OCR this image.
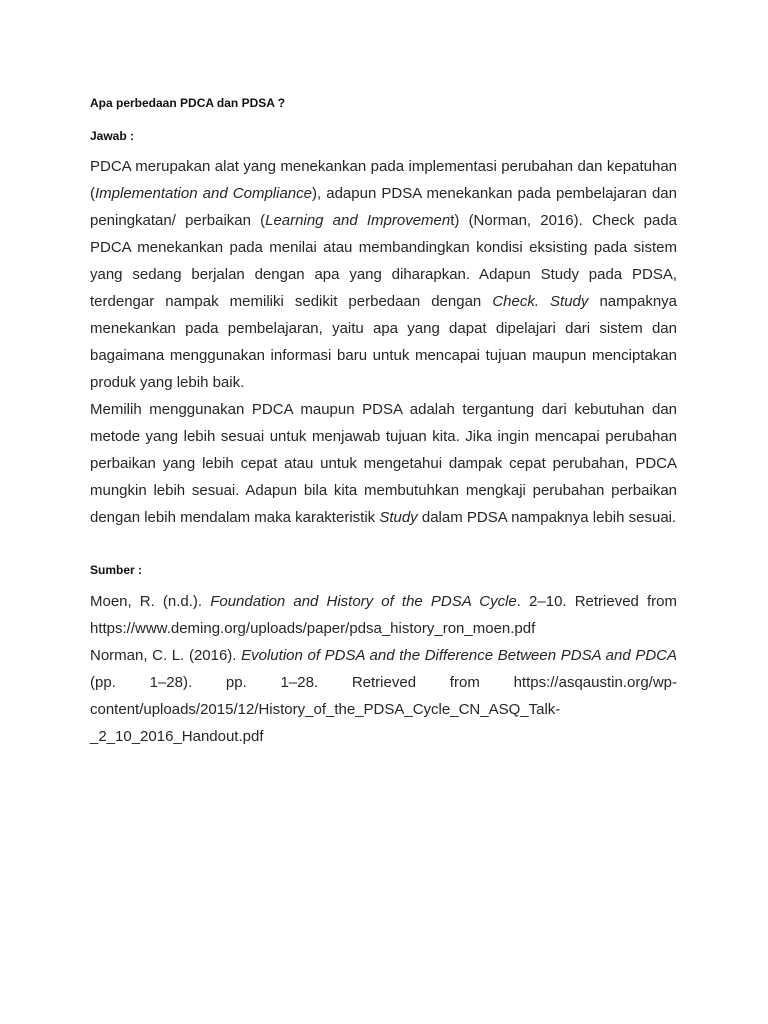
Apa perbedaan PDCA dan PDSA ?
Jawab :

PDCA merupakan alat yang menekankan pada implementasi perubahan dan kepatuhan (Implementation and Compliance), adapun PDSA menekankan pada pembelajaran dan peningkatan/ perbaikan (Learning and Improvement) (Norman, 2016). Check pada PDCA menekankan pada menilai atau membandingkan kondisi eksisting pada sistem yang sedang berjalan dengan apa yang diharapkan. Adapun Study pada PDSA, terdengar nampak memiliki sedikit perbedaan dengan Check. Study nampaknya menekankan pada pembelajaran, yaitu apa yang dapat dipelajari dari sistem dan bagaimana menggunakan informasi baru untuk mencapai tujuan maupun menciptakan produk yang lebih baik.

Memilih menggunakan PDCA maupun PDSA adalah tergantung dari kebutuhan dan metode yang lebih sesuai untuk menjawab tujuan kita. Jika ingin mencapai perubahan perbaikan yang lebih cepat atau untuk mengetahui dampak cepat perubahan, PDCA mungkin lebih sesuai. Adapun bila kita membutuhkan mengkaji perubahan perbaikan dengan lebih mendalam maka karakteristik Study dalam PDSA nampaknya lebih sesuai.

Sumber :

Moen, R. (n.d.). Foundation and History of the PDSA Cycle. 2–10. Retrieved from https://www.deming.org/uploads/paper/pdsa_history_ron_moen.pdf

Norman, C. L. (2016). Evolution of PDSA and the Difference Between PDSA and PDCA (pp. 1–28). pp. 1–28. Retrieved from https://asqaustin.org/wp-content/uploads/2015/12/History_of_the_PDSA_Cycle_CN_ASQ_Talk-_2_10_2016_Handout.pdf
